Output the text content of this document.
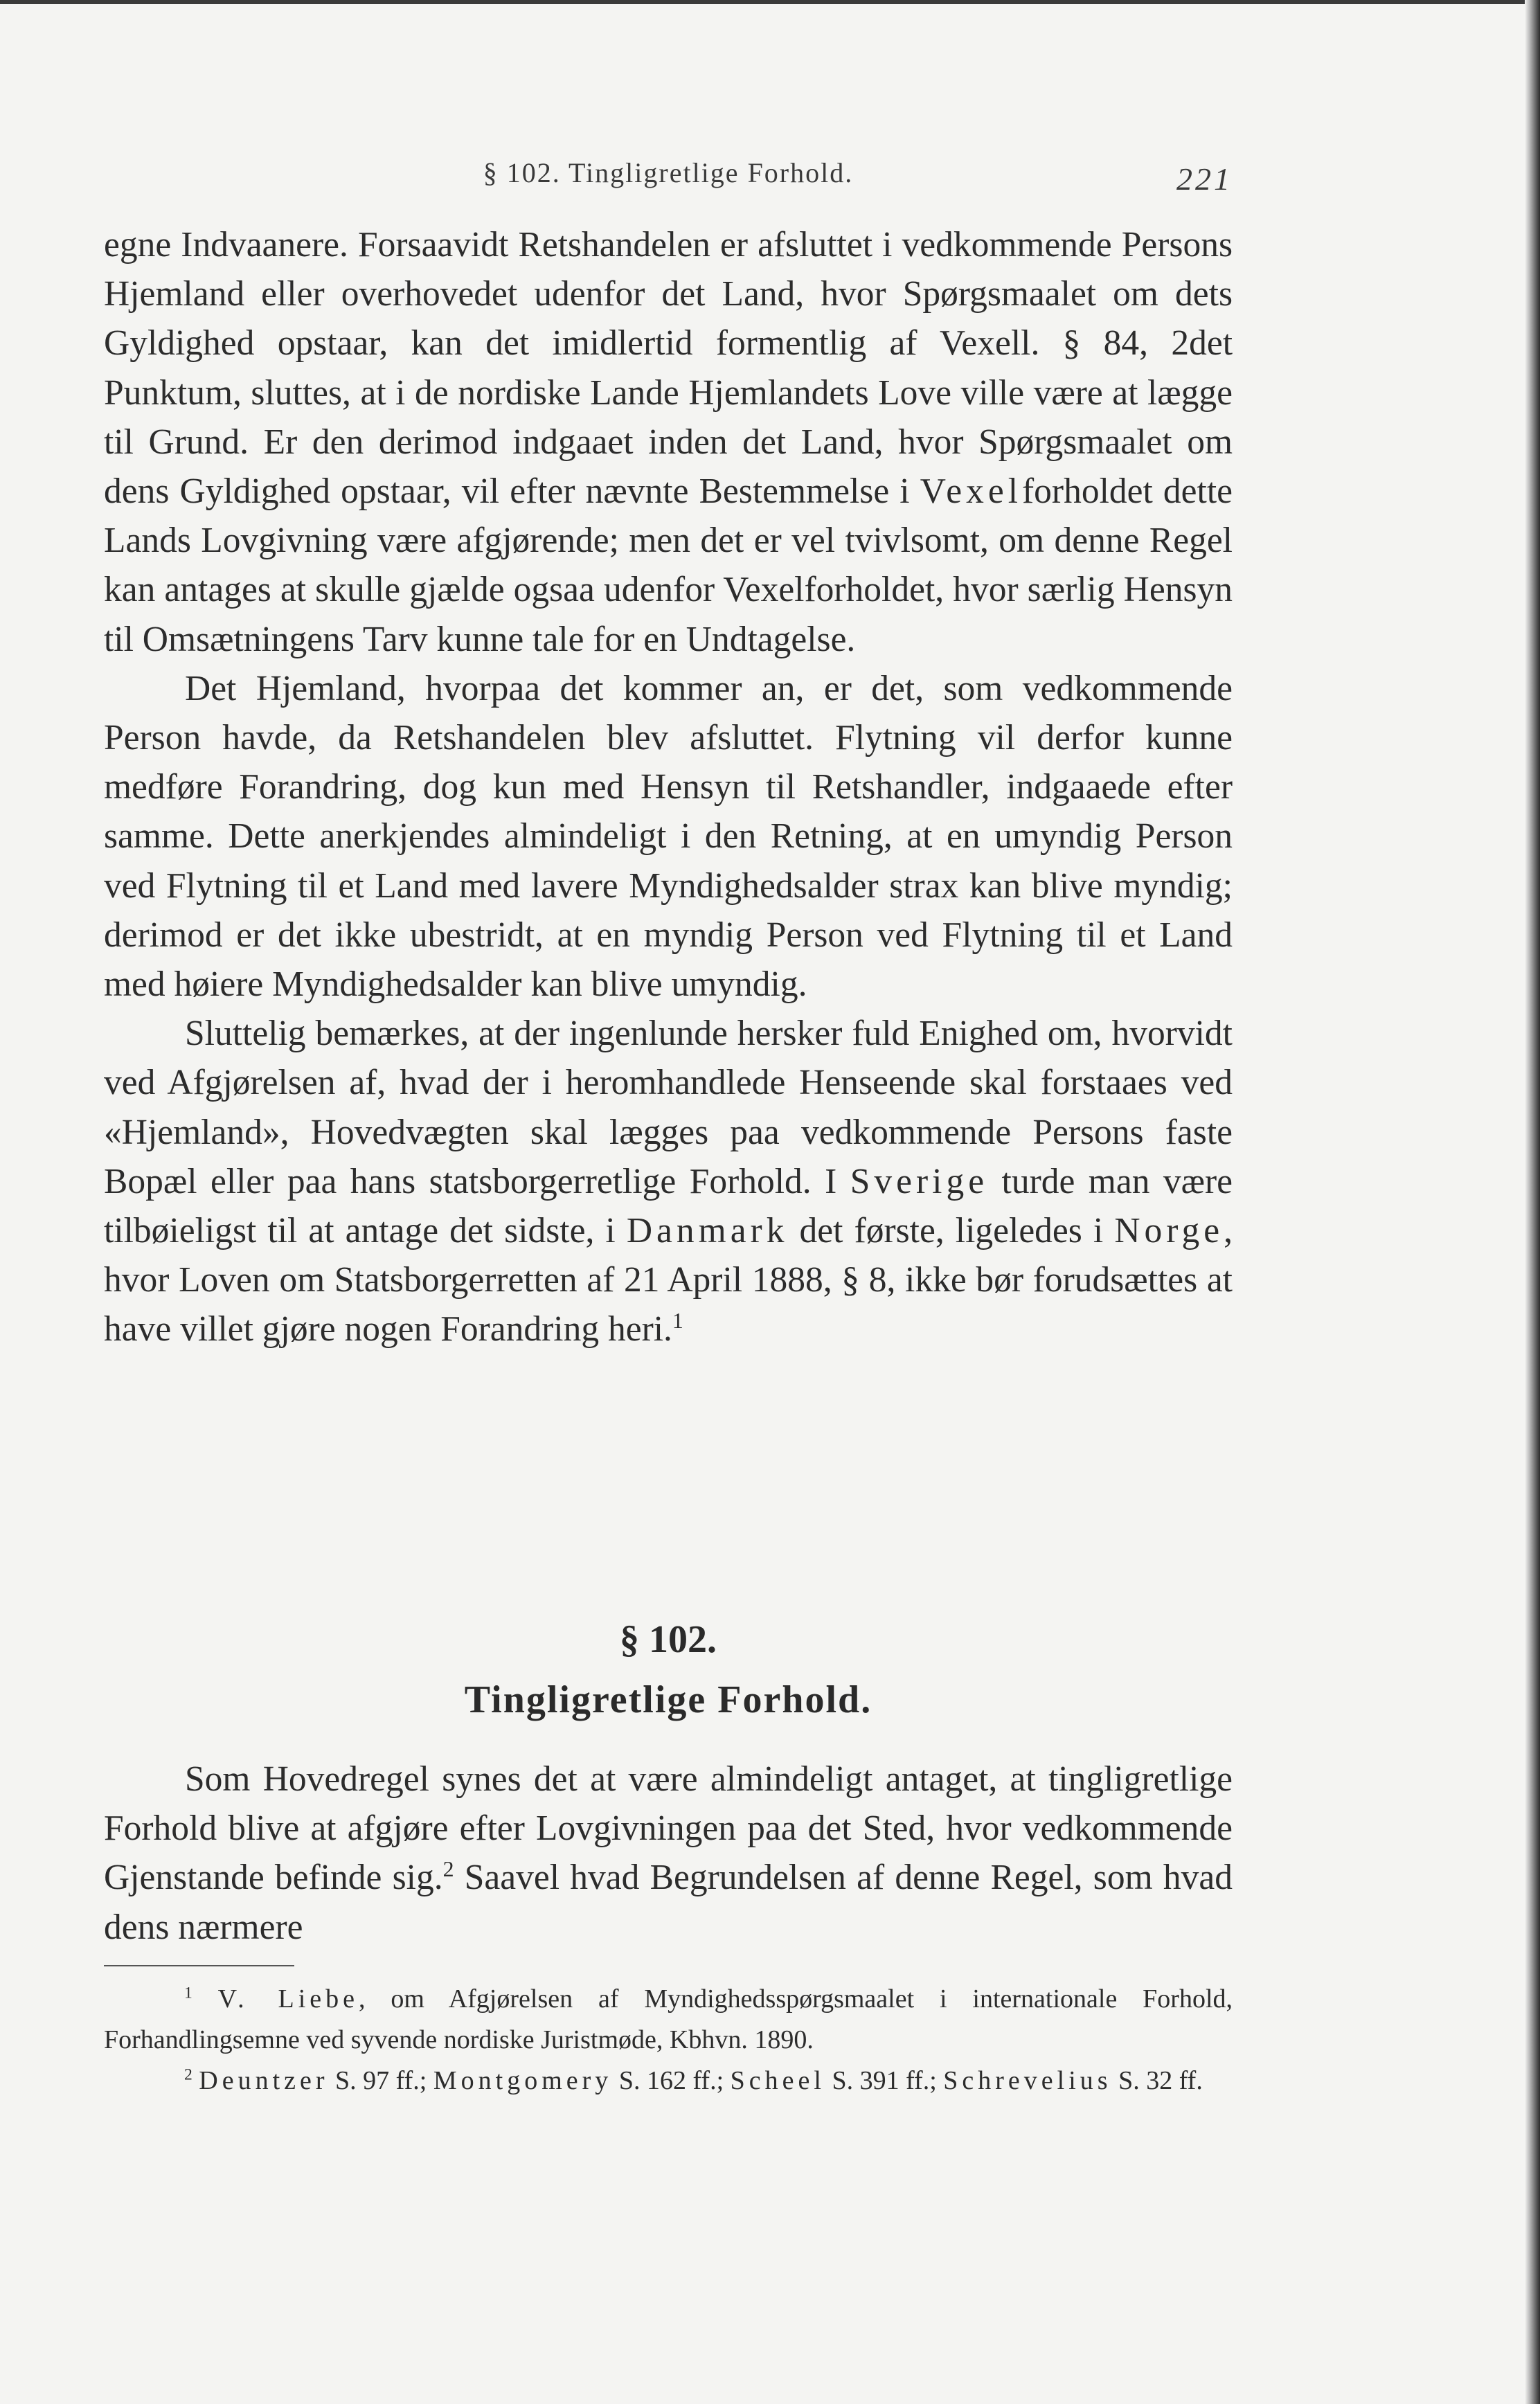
§ 102. Tingligretlige Forhold.	221

egne Indvaanere. Forsaavidt Retshandelen er afsluttet i vedkommende Persons Hjemland eller overhovedet udenfor det Land, hvor Spørgsmaalet om dets Gyldighed opstaar, kan det imidlertid formentlig af Vexell. § 84, 2det Punktum, sluttes, at i de nordiske Lande Hjemlandets Love ville være at lægge til Grund. Er den derimod indgaaet inden det Land, hvor Spørgsmaalet om dens Gyldighed opstaar, vil efter nævnte Bestemmelse i Vexelforholdet dette Lands Lovgivning være afgjørende; men det er vel tvivlsomt, om denne Regel kan antages at skulle gjælde ogsaa udenfor Vexelforholdet, hvor særlig Hensyn til Omsætningens Tarv kunne tale for en Undtagelse.

Det Hjemland, hvorpaa det kommer an, er det, som vedkommende Person havde, da Retshandelen blev afsluttet. Flytning vil derfor kunne medføre Forandring, dog kun med Hensyn til Retshandler, indgaaede efter samme. Dette anerkjendes almindeligt i den Retning, at en umyndig Person ved Flytning til et Land med lavere Myndighedsalder strax kan blive myndig; derimod er det ikke ubestridt, at en myndig Person ved Flytning til et Land med høiere Myndighedsalder kan blive umyndig.

Sluttelig bemærkes, at der ingenlunde hersker fuld Enighed om, hvorvidt ved Afgjørelsen af, hvad der i heromhandlede Henseende skal forstaaes ved «Hjemland», Hovedvægten skal lægges paa vedkommende Persons faste Bopæl eller paa hans statsborgerretlige Forhold. I Sverige turde man være tilbøieligst til at antage det sidste, i Danmark det første, ligeledes i Norge, hvor Loven om Statsborgerretten af 21 April 1888, § 8, ikke bør forudsættes at have villet gjøre nogen Forandring heri.$^1$

§ 102.
Tingligretlige Forhold.

Som Hovedregel synes det at være almindeligt antaget, at tingligretlige Forhold blive at afgjøre efter Lovgivningen paa det Sted, hvor vedkommende Gjenstande befinde sig.$^2$ Saavel hvad Begrundelsen af denne Regel, som hvad dens nærmere

$^1$ V. Liebe, om Afgjørelsen af Myndighedsspørgsmaalet i internationale Forhold, Forhandlingsemne ved syvende nordiske Juristmøde, Kbhvn. 1890.

$^2$ Deuntzer S. 97 ff.; Montgomery S. 162 ff.; Scheel S. 391 ff.; Schrevelius S. 32 ff.
